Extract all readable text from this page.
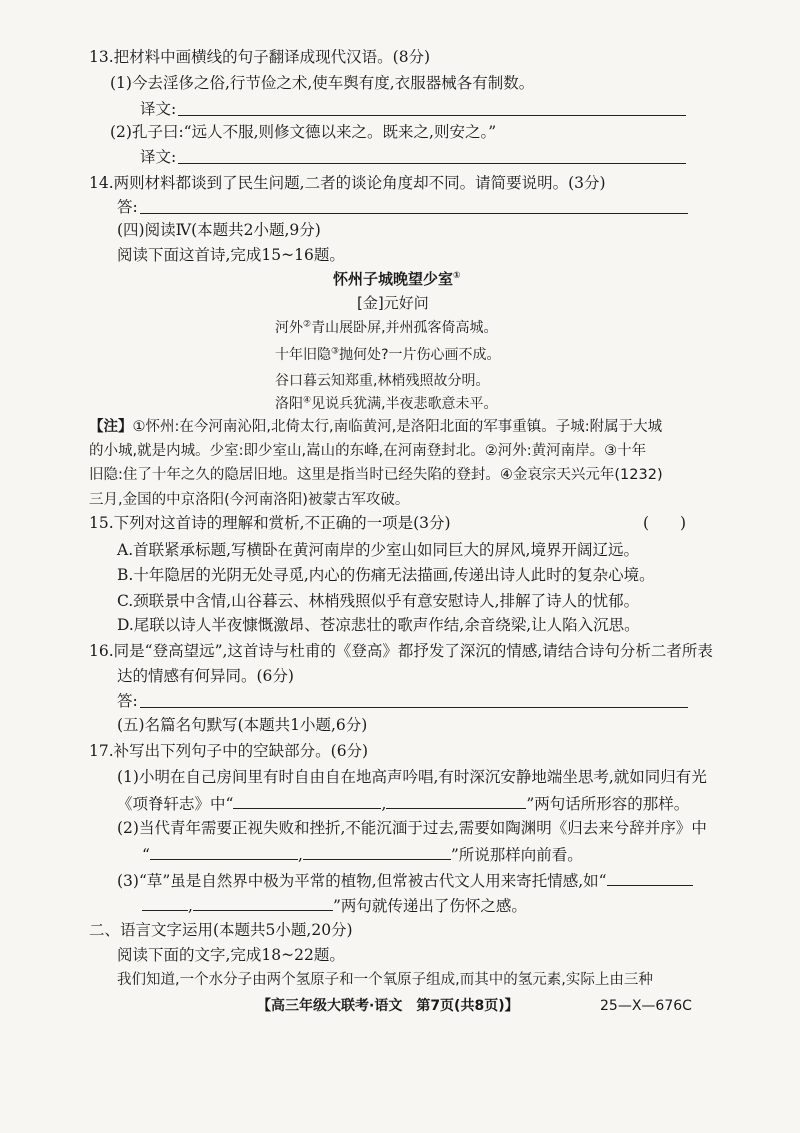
13.把材料中画横线的句子翻译成现代汉语。(8分)
(1)今去淫侈之俗,行节俭之术,使车舆有度,衣服器械各有制数。
译文:
(2)孔子曰:“远人不服,则修文德以来之。既来之,则安之。”
译文:
14.两则材料都谈到了民生问题,二者的谈论角度却不同。请简要说明。(3分)
答:
(四)阅读Ⅳ(本题共2小题,9分)
阅读下面这首诗,完成15~16题。
怀州子城晚望少室①
[金]元好问
河外②青山展卧屏,并州孤客倚高城。
十年旧隐③抛何处?一片伤心画不成。
谷口暮云知郑重,林梢残照故分明。
洛阳④见说兵犹满,半夜悲歌意未平。
【注】①怀州:在今河南沁阳,北倚太行,南临黄河,是洛阳北面的军事重镇。子城:附属于大城
的小城,就是内城。少室:即少室山,嵩山的东峰,在河南登封北。②河外:黄河南岸。③十年
旧隐:住了十年之久的隐居旧地。这里是指当时已经失陷的登封。④金哀宗天兴元年(1232)
三月,金国的中京洛阳(今河南洛阳)被蒙古军攻破。
15.下列对这首诗的理解和赏析,不正确的一项是(3分)	(　　)
A.首联紧承标题,写横卧在黄河南岸的少室山如同巨大的屏风,境界开阔辽远。
B.十年隐居的光阴无处寻觅,内心的伤痛无法描画,传递出诗人此时的复杂心境。
C.颈联景中含情,山谷暮云、林梢残照似乎有意安慰诗人,排解了诗人的忧郁。
D.尾联以诗人半夜慷慨激昂、苍凉悲壮的歌声作结,余音绕梁,让人陷入沉思。
16.同是“登高望远”,这首诗与杜甫的《登高》都抒发了深沉的情感,请结合诗句分析二者所表
达的情感有何异同。(6分)
答:
(五)名篇名句默写(本题共1小题,6分)
17.补写出下列句子中的空缺部分。(6分)
(1)小明在自己房间里有时自由自在地高声吟唱,有时深沉安静地端坐思考,就如同归有光
《项脊轩志》中“	,	”两句话所形容的那样。
(2)当代青年需要正视失败和挫折,不能沉湎于过去,需要如陶渊明《归去来兮辞并序》中
“	,	”所说那样向前看。
(3)“草”虽是自然界中极为平常的植物,但常被古代文人用来寄托情感,如“
,	”两句就传递出了伤怀之感。
二、语言文字运用(本题共5小题,20分)
阅读下面的文字,完成18~22题。
我们知道,一个水分子由两个氢原子和一个氧原子组成,而其中的氢元素,实际上由三种
【高三年级大联考·语文　第7页(共8页)】	25—X—676C
